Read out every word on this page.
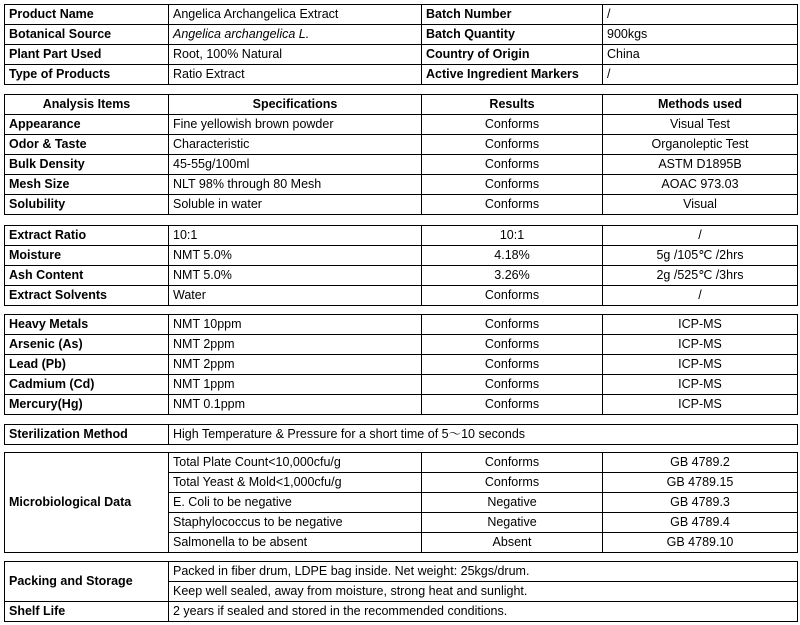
Product Name	Angelica Archangelica Extract	Batch Number	/
Botanical Source	Angelica archangelica L.	Batch Quantity	900kgs
Plant Part Used	Root, 100% Natural	Country of Origin	China
Type of Products	Ratio Extract	Active Ingredient Markers	/
Analysis Items	Specifications	Results	Methods used
Appearance	Fine yellowish brown powder	Conforms	Visual Test
Odor & Taste	Characteristic	Conforms	Organoleptic Test
Bulk Density	45-55g/100ml	Conforms	ASTM D1895B
Mesh Size	NLT 98% through 80 Mesh	Conforms	AOAC 973.03
Solubility	Soluble in water	Conforms	Visual
Extract Ratio	10:1	10:1	/
Moisture	NMT 5.0%	4.18%	5g /105℃ /2hrs
Ash Content	NMT 5.0%	3.26%	2g /525℃ /3hrs
Extract Solvents	Water	Conforms	/
Heavy Metals	NMT 10ppm	Conforms	ICP-MS
Arsenic (As)	NMT 2ppm	Conforms	ICP-MS
Lead (Pb)	NMT 2ppm	Conforms	ICP-MS
Cadmium (Cd)	NMT 1ppm	Conforms	ICP-MS
Mercury(Hg)	NMT 0.1ppm	Conforms	ICP-MS
Sterilization Method	High Temperature & Pressure for a short time of 5～10 seconds
Microbiological Data	Total Plate Count<10,000cfu/g	Conforms	GB 4789.2
	Total Yeast & Mold<1,000cfu/g	Conforms	GB 4789.15
	E. Coli to be negative	Negative	GB 4789.3
	Staphylococcus to be negative	Negative	GB 4789.4
	Salmonella to be absent	Absent	GB 4789.10
Packing and Storage	Packed in fiber drum, LDPE bag inside. Net weight: 25kgs/drum.
	Keep well sealed, away from moisture, strong heat and sunlight.
Shelf Life	2 years if sealed and stored in the recommended conditions.
